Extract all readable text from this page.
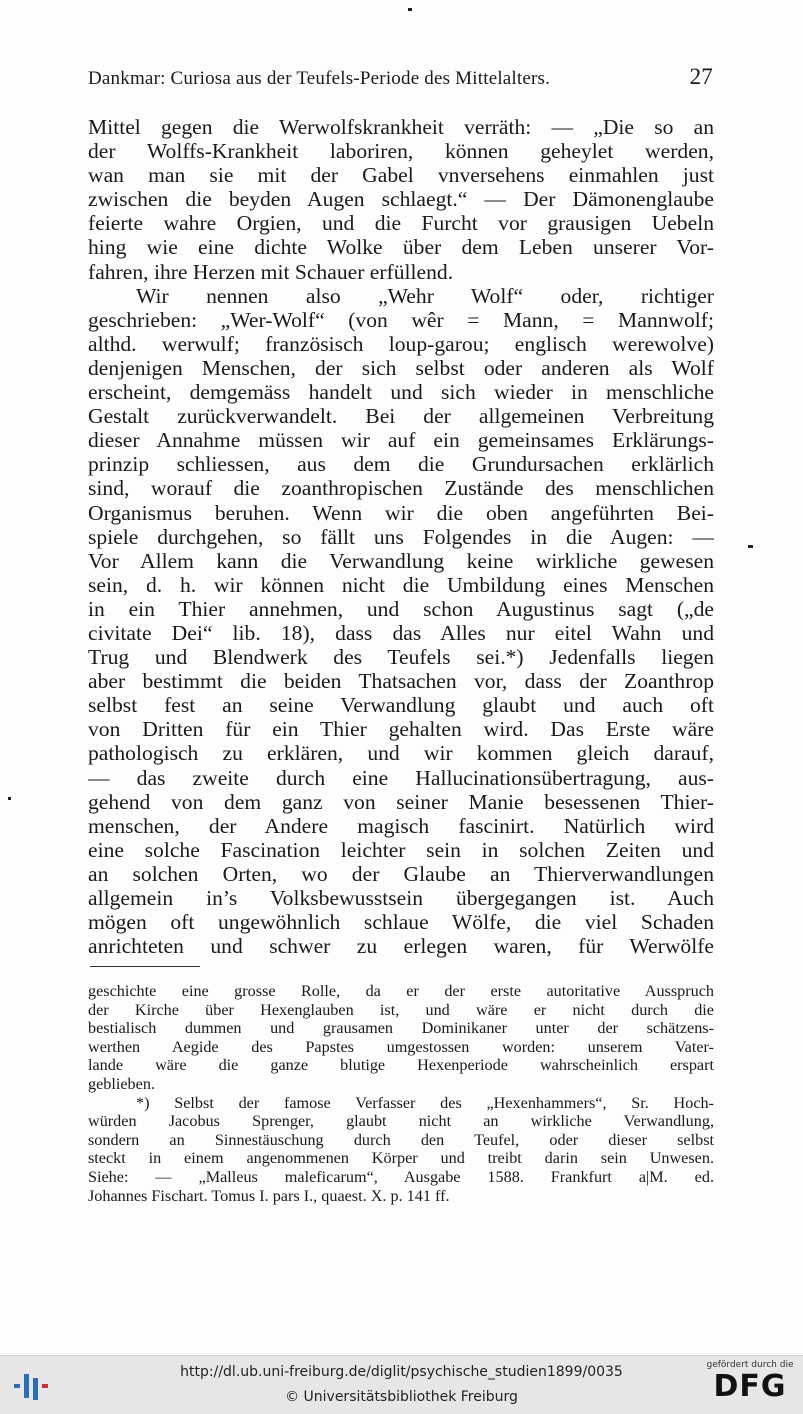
Dankmar: Curiosa aus der Teufels-Periode des Mittelalters.	27
Mittel gegen die Werwolfskrankheit verräth: — „Die so an
der Wolffs-Krankheit laboriren, können geheylet werden,
wan man sie mit der Gabel vnversehens einmahlen just
zwischen die beyden Augen schlaegt.“ — Der Dämonenglaube
feierte wahre Orgien, und die Furcht vor grausigen Uebeln
hing wie eine dichte Wolke über dem Leben unserer Vor-
fahren, ihre Herzen mit Schauer erfüllend.
Wir nennen also „Wehr Wolf“ oder, richtiger
geschrieben: „Wer-Wolf“ (von wêr = Mann, = Mannwolf;
althd. werwulf; französisch loup-garou; englisch werewolve)
denjenigen Menschen, der sich selbst oder anderen als Wolf
erscheint, demgemäss handelt und sich wieder in menschliche
Gestalt zurückverwandelt. Bei der allgemeinen Verbreitung
dieser Annahme müssen wir auf ein gemeinsames Erklärungs-
prinzip schliessen, aus dem die Grundursachen erklärlich
sind, worauf die zoanthropischen Zustände des menschlichen
Organismus beruhen. Wenn wir die oben angeführten Bei-
spiele durchgehen, so fällt uns Folgendes in die Augen: —
Vor Allem kann die Verwandlung keine wirkliche gewesen
sein, d. h. wir können nicht die Umbildung eines Menschen
in ein Thier annehmen, und schon Augustinus sagt („de
civitate Dei“ lib. 18), dass das Alles nur eitel Wahn und
Trug und Blendwerk des Teufels sei.*) Jedenfalls liegen
aber bestimmt die beiden Thatsachen vor, dass der Zoanthrop
selbst fest an seine Verwandlung glaubt und auch oft
von Dritten für ein Thier gehalten wird. Das Erste wäre
pathologisch zu erklären, und wir kommen gleich darauf,
— das zweite durch eine Hallucinationsübertragung, aus-
gehend von dem ganz von seiner Manie besessenen Thier-
menschen, der Andere magisch fascinirt. Natürlich wird
eine solche Fascination leichter sein in solchen Zeiten und
an solchen Orten, wo der Glaube an Thierverwandlungen
allgemein in’s Volksbewusstsein übergegangen ist. Auch
mögen oft ungewöhnlich schlaue Wölfe, die viel Schaden
anrichteten und schwer zu erlegen waren, für Werwölfe
geschichte eine grosse Rolle, da er der erste autoritative Ausspruch
der Kirche über Hexenglauben ist, und wäre er nicht durch die
bestialisch dummen und grausamen Dominikaner unter der schätzens-
werthen Aegide des Papstes umgestossen worden: unserem Vater-
lande wäre die ganze blutige Hexenperiode wahrscheinlich erspart
geblieben.
*) Selbst der famose Verfasser des „Hexenhammers“, Sr. Hoch-
würden Jacobus Sprenger, glaubt nicht an wirkliche Verwandlung,
sondern an Sinnestäuschung durch den Teufel, oder dieser selbst
steckt in einem angenommenen Körper und treibt darin sein Unwesen.
Siehe: — „Malleus maleficarum“, Ausgabe 1588. Frankfurt a|M. ed.
Johannes Fischart. Tomus I. pars I., quaest. X. p. 141 ff.
http://dl.ub.uni-freiburg.de/diglit/psychische_studien1899/0035
© Universitätsbibliothek Freiburg
gefördert durch die
DFG
